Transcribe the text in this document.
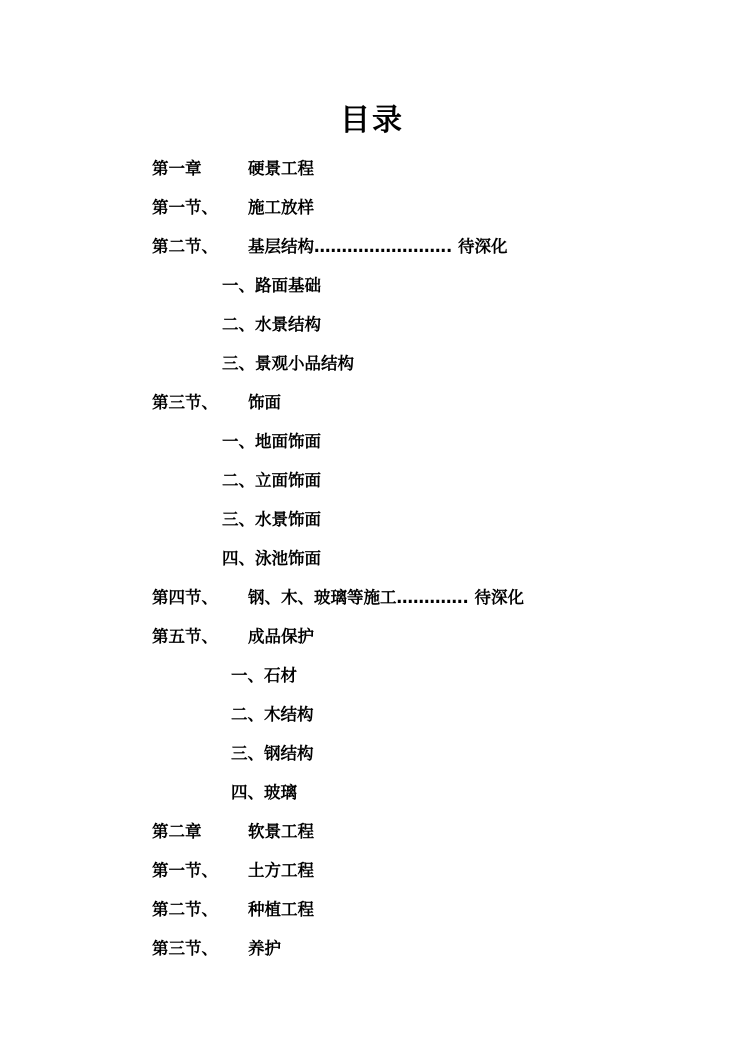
目录
第一章	硬景工程
第一节、 施工放样
第二节、 基层结构……………………. 待深化
一、路面基础
二、水景结构
三、景观小品结构
第三节、 饰面
一、地面饰面
二、立面饰面
三、水景饰面
四、泳池饰面
第四节、 钢、木、玻璃等施工…………. 待深化
第五节、 成品保护
一、石材
二、木结构
三、钢结构
四、玻璃
第二章	软景工程
第一节、 土方工程
第二节、 种植工程
第三节、 养护
